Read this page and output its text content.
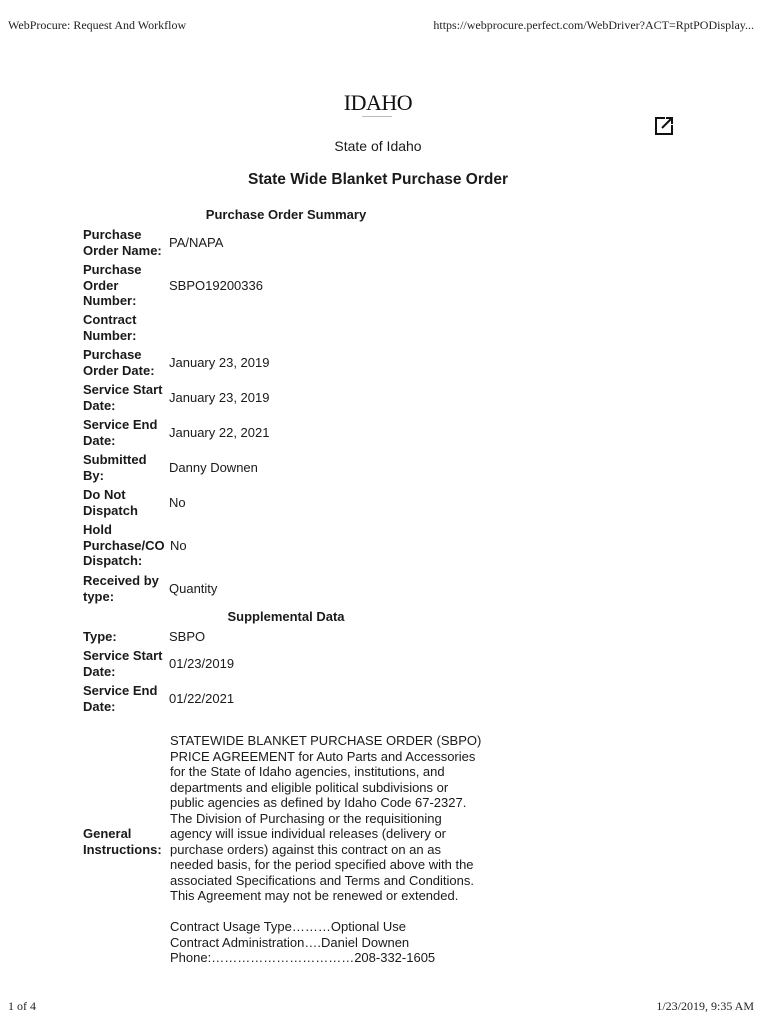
WebProcure: Request And Workflow	https://webprocure.perfect.com/WebDriver?ACT=RptPODisplay...
IDAHO
State of Idaho
State Wide Blanket Purchase Order
Purchase Order Summary
Purchase Order Name: PA/NAPA
Purchase Order Number:
SBPO19200336
Contract Number:
Purchase Order Date:	January 23, 2019
Service Start Date:	January 23, 2019
Service End Date:	January 22, 2021
Submitted By:	Danny Downen
Do Not Dispatch	No
Hold Purchase/CO Dispatch:
No
Received by type:	Quantity
Supplemental Data
Type:	SBPO
Service Start Date:	01/23/2019
Service End Date:	01/22/2021
General Instructions:
STATEWIDE BLANKET PURCHASE ORDER (SBPO)
PRICE AGREEMENT for Auto Parts and Accessories
for the State of Idaho agencies, institutions, and
departments and eligible political subdivisions or
public agencies as defined by Idaho Code 67-2327.
The Division of Purchasing or the requisitioning
agency will issue individual releases (delivery or
purchase orders) against this contract on an as
needed basis, for the period specified above with the
associated Specifications and Terms and Conditions.
This Agreement may not be renewed or extended.

Contract Usage Type………Optional Use
Contract Administration….Daniel Downen
Phone:……………………………208-332-1605
1 of 4	1/23/2019, 9:35 AM
